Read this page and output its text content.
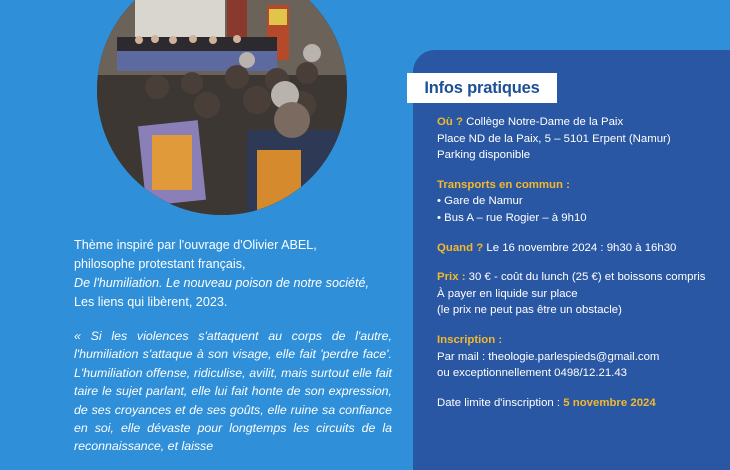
Thème inspiré par l'ouvrage d'Olivier ABEL,
philosophe protestant français,
De l'humiliation. Le nouveau poison de notre société,
Les liens qui libèrent, 2023.
« Si les violences s'attaquent au corps de l'autre, l'humiliation s'attaque à son visage, elle fait 'perdre face'. L'humiliation offense, ridiculise, avilit, mais surtout elle fait taire le sujet parlant, elle lui fait honte de son expression, de ses croyances et de ses goûts, elle ruine sa confiance en soi, elle dévaste pour longtemps les circuits de la reconnaissance, et laisse
Infos pratiques
Où ? Collège Notre-Dame de la Paix
Place ND de la Paix, 5 – 5101 Erpent (Namur)
Parking disponible
Transports en commun :
• Gare de Namur
• Bus A – rue Rogier – à 9h10
Quand ? Le 16 novembre 2024 : 9h30 à 16h30
Prix : 30 € - coût du lunch (25 €) et boissons compris
À payer en liquide sur place
(le prix ne peut pas être un obstacle)
Inscription :
Par mail : theologie.parlespieds@gmail.com
ou exceptionnellement 0498/12.21.43
Date limite d'inscription : 5 novembre 2024
